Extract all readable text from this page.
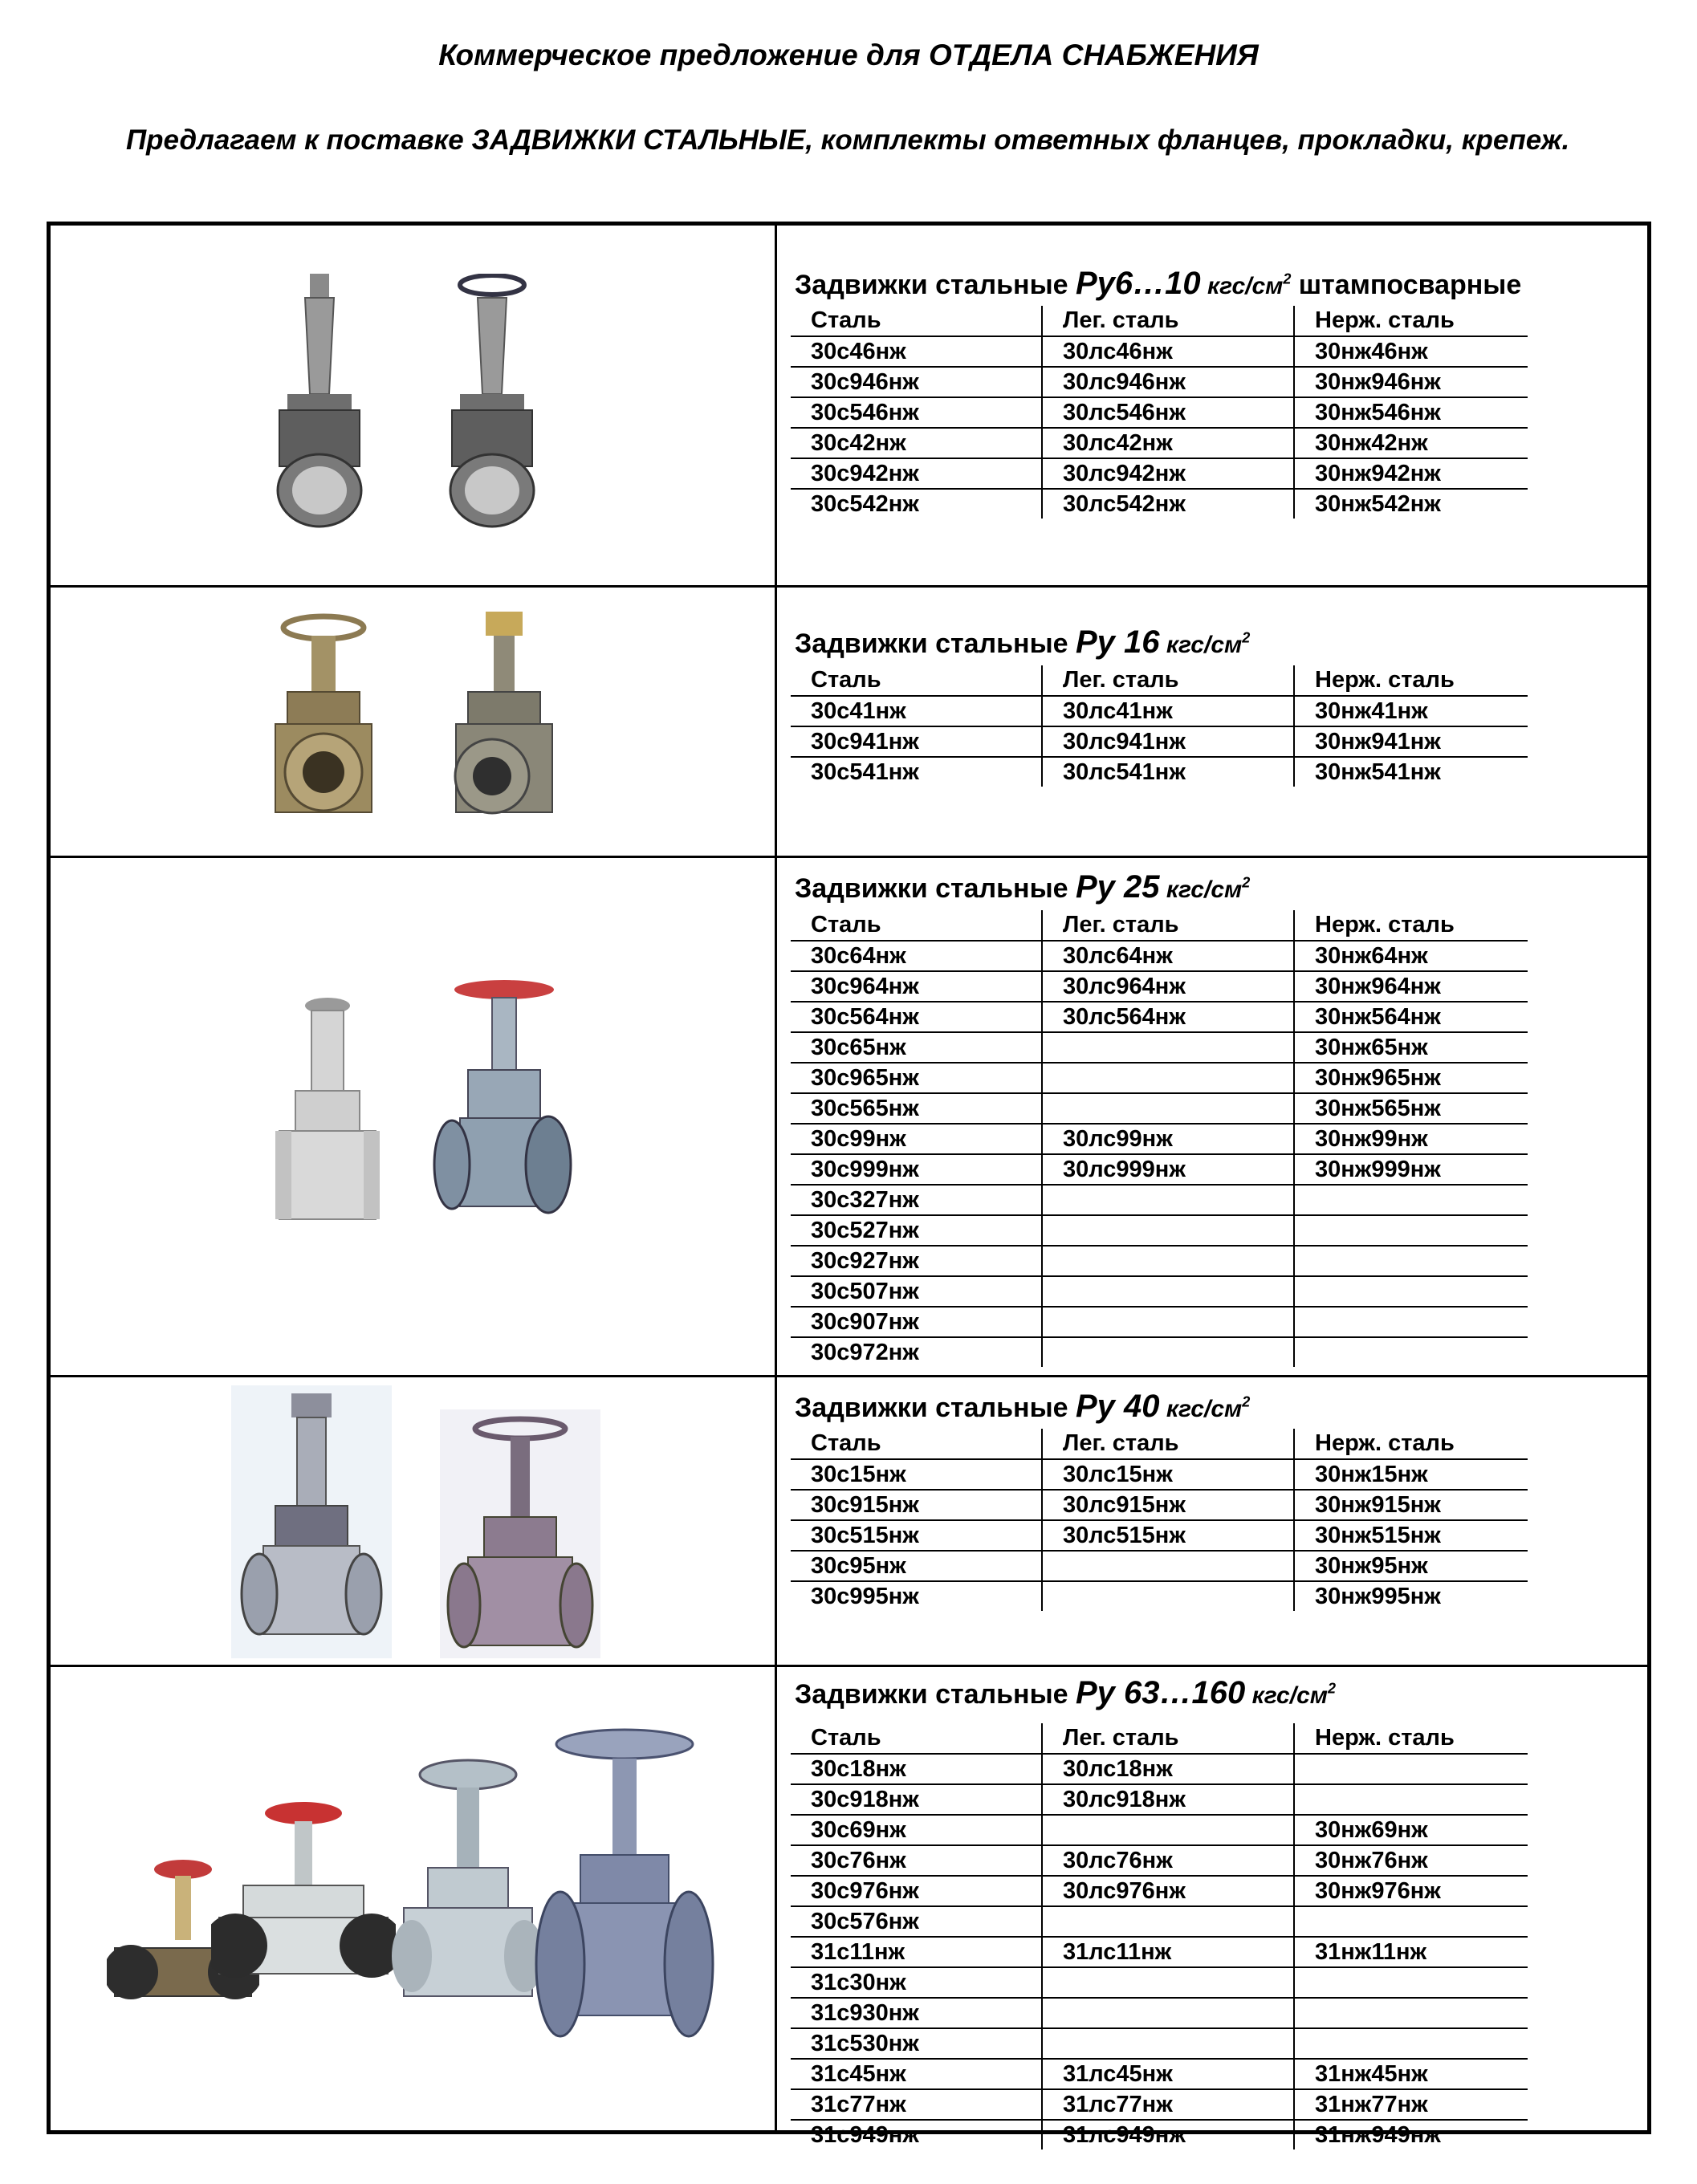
Коммерческое предложение для ОТДЕЛА СНАБЖЕНИЯ

Предлагаем к поставке ЗАДВИЖКИ СТАЛЬНЫЕ, комплекты ответных фланцев, прокладки, крепеж.

Задвижки стальные Ру6…10 кгс/$см^2$ штампосварные
Сталь	Лег. сталь	Нерж. сталь
30с46нж	30лс46нж	30нж46нж
30с946нж	30лс946нж	30нж946нж
30с546нж	30лс546нж	30нж546нж
30с42нж	30лс42нж	30нж42нж
30с942нж	30лс942нж	30нж942нж
30с542нж	30лс542нж	30нж542нж
Задвижки стальные Ру 16 кгс/$см^2$
Сталь	Лег. сталь	Нерж. сталь
30с41нж	30лс41нж	30нж41нж
30с941нж	30лс941нж	30нж941нж
30с541нж	30лс541нж	30нж541нж
Задвижки стальные Ру 25 кгс/$см^2$
Сталь	Лег. сталь	Нерж. сталь
30с64нж	30лс64нж	30нж64нж
30с964нж	30лс964нж	30нж964нж
30с564нж	30лс564нж	30нж564нж
30с65нж		30нж65нж
30с965нж		30нж965нж
30с565нж		30нж565нж
30с99нж	30лс99нж	30нж99нж
30с999нж	30лс999нж	30нж999нж
30с327нж		
30с527нж		
30с927нж		
30с507нж		
30с907нж		
30с972нж		
Задвижки стальные Ру 40 кгс/$см^2$
Сталь	Лег. сталь	Нерж. сталь
30с15нж	30лс15нж	30нж15нж
30с915нж	30лс915нж	30нж915нж
30с515нж	30лс515нж	30нж515нж
30с95нж		30нж95нж
30с995нж		30нж995нж
Задвижки стальные Ру 63…160 кгс/$см^2$
Сталь	Лег. сталь	Нерж. сталь
30с18нж	30лс18нж	
30с918нж	30лс918нж	
30с69нж		30нж69нж
30с76нж	30лс76нж	30нж76нж
30с976нж	30лс976нж	30нж976нж
30с576нж		
31с11нж	31лс11нж	31нж11нж
31с30нж		
31с930нж		
31с530нж		
31с45нж	31лс45нж	31нж45нж
31с77нж	31лс77нж	31нж77нж
31с949нж	31лс949нж	31нж949нж
